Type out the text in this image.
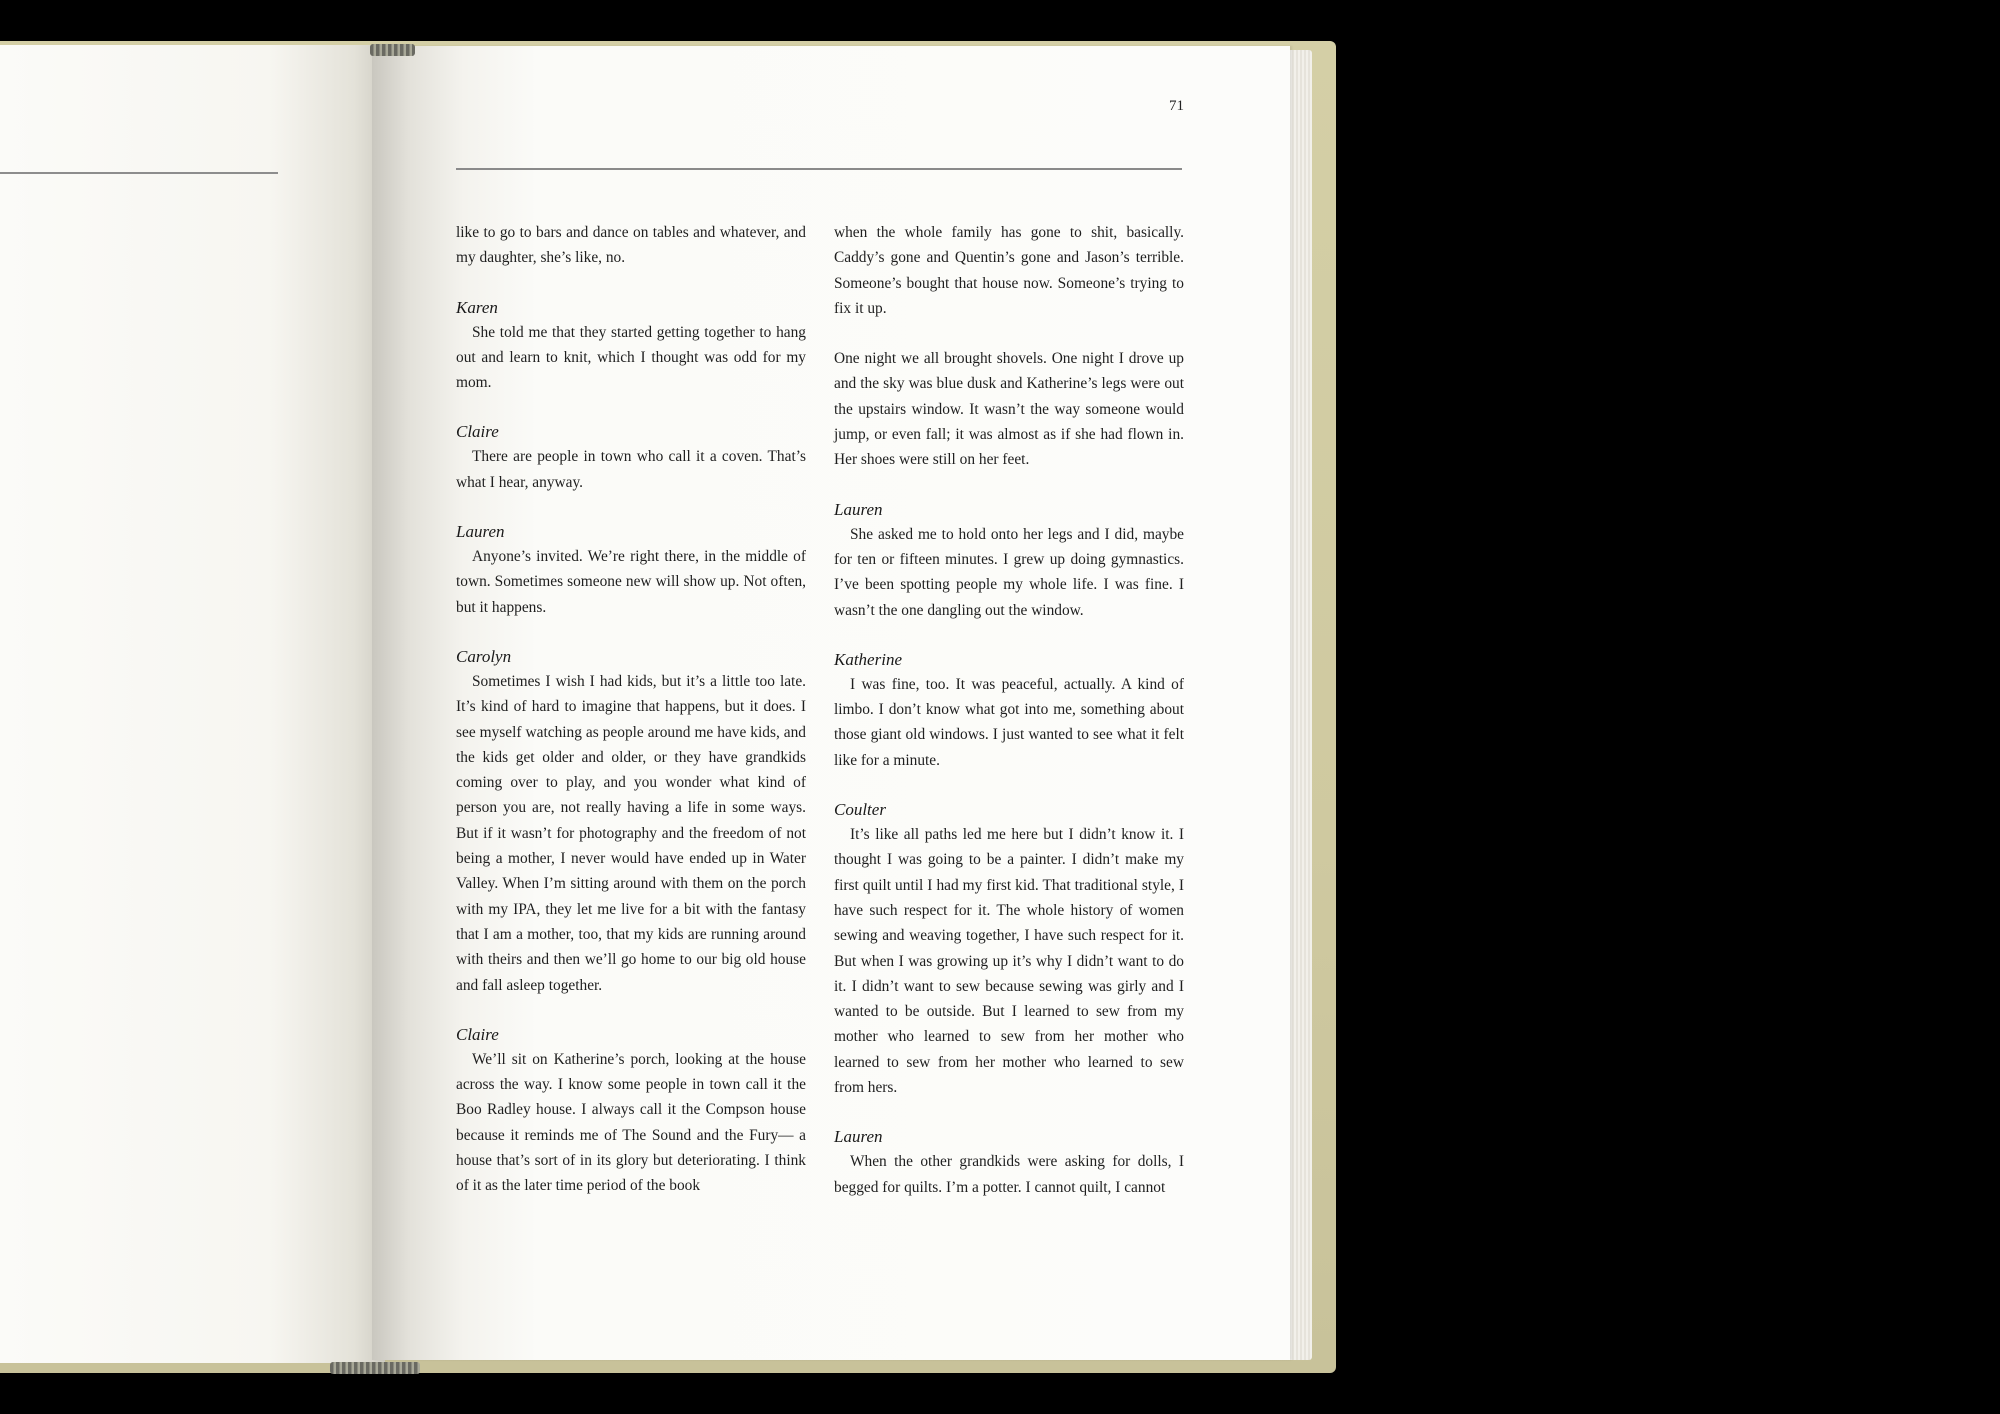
71

like to go to bars and dance on tables and whatever, and my daughter, she’s like, no.

Karen

She told me that they started getting together to hang out and learn to knit, which I thought was odd for my mom.

Claire

There are people in town who call it a coven. That’s what I hear, anyway.

Lauren

Anyone’s invited. We’re right there, in the middle of town. Sometimes someone new will show up. Not often, but it happens.

Carolyn

Sometimes I wish I had kids, but it’s a little too late. It’s kind of hard to imagine that happens, but it does. I see myself watching as people around me have kids, and the kids get older and older, or they have grandkids coming over to play, and you wonder what kind of person you are, not really having a life in some ways. But if it wasn’t for photography and the freedom of not being a mother, I never would have ended up in Water Valley. When I’m sitting around with them on the porch with my IPA, they let me live for a bit with the fantasy that I am a mother, too, that my kids are running around with theirs and then we’ll go home to our big old house and fall asleep together.

Claire

We’ll sit on Katherine’s porch, looking at the house across the way. I know some people in town call it the Boo Radley house. I always call it the Compson house because it reminds me of The Sound and the Fury— a house that’s sort of in its glory but deteriorating. I think of it as the later time period of the book

when the whole family has gone to shit, basically. Caddy’s gone and Quentin’s gone and Jason’s terrible. Someone’s bought that house now. Someone’s trying to fix it up.

One night we all brought shovels. One night I drove up and the sky was blue dusk and Katherine’s legs were out the upstairs window. It wasn’t the way someone would jump, or even fall; it was almost as if she had flown in. Her shoes were still on her feet.

Lauren

She asked me to hold onto her legs and I did, maybe for ten or fifteen minutes. I grew up doing gymnastics. I’ve been spotting people my whole life. I was fine. I wasn’t the one dangling out the window.

Katherine

I was fine, too. It was peaceful, actually. A kind of limbo. I don’t know what got into me, something about those giant old windows. I just wanted to see what it felt like for a minute.

Coulter

It’s like all paths led me here but I didn’t know it. I thought I was going to be a painter. I didn’t make my first quilt until I had my first kid. That traditional style, I have such respect for it. The whole history of women sewing and weaving together, I have such respect for it. But when I was growing up it’s why I didn’t want to do it. I didn’t want to sew because sewing was girly and I wanted to be outside. But I learned to sew from my mother who learned to sew from her mother who learned to sew from her mother who learned to sew from hers.

Lauren

When the other grandkids were asking for dolls, I begged for quilts. I’m a potter. I cannot quilt, I cannot
